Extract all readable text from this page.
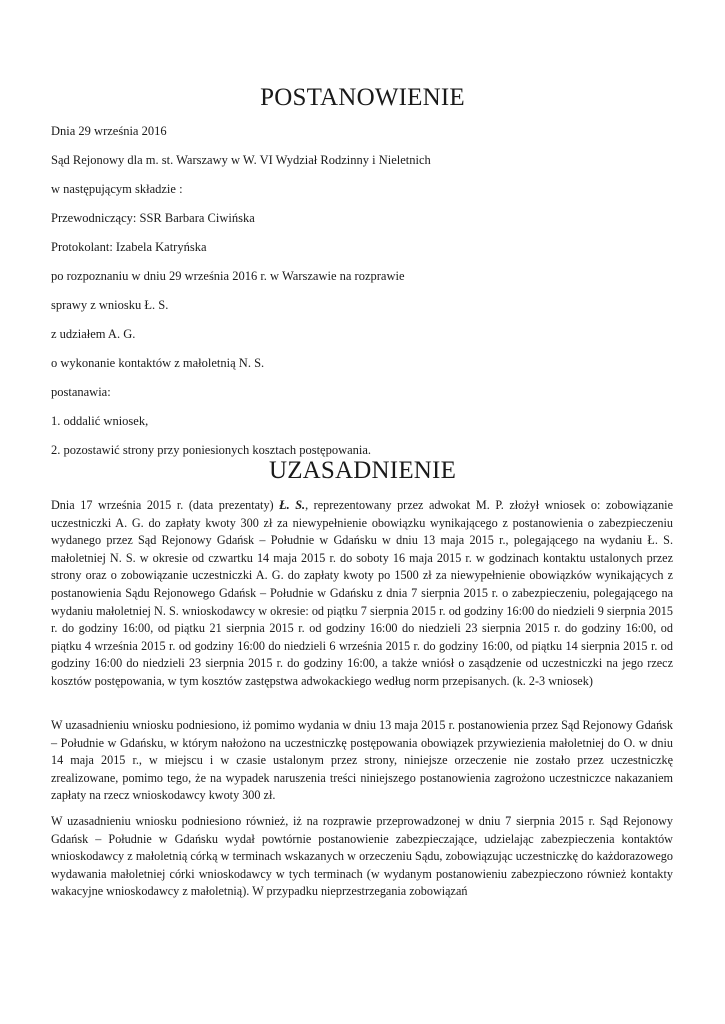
POSTANOWIENIE

Dnia 29 września 2016

Sąd Rejonowy dla m. st. Warszawy w W. VI Wydział Rodzinny i Nieletnich

w następującym składzie :

Przewodniczący: SSR Barbara Ciwińska

Protokolant: Izabela Katryńska

po rozpoznaniu w dniu 29 września 2016 r. w Warszawie na rozprawie

sprawy z wniosku Ł. S.

z udziałem A. G.

o wykonanie kontaktów z małoletnią N. S.

postanawia:

1. oddalić wniosek,
2. pozostawić strony przy poniesionych kosztach postępowania.
UZASADNIENIE

Dnia 17 września 2015 r. (data prezentaty) Ł. S., reprezentowany przez adwokat M. P. złożył wniosek o: zobowiązanie uczestniczki A. G. do zapłaty kwoty 300 zł za niewypełnienie obowiązku wynikającego z postanowienia o zabezpieczeniu wydanego przez Sąd Rejonowy Gdańsk – Południe w Gdańsku w dniu 13 maja 2015 r., polegającego na wydaniu Ł. S. małoletniej N. S. w okresie od czwartku 14 maja 2015 r. do soboty 16 maja 2015 r. w godzinach kontaktu ustalonych przez strony oraz o zobowiązanie uczestniczki A. G. do zapłaty kwoty po 1500 zł za niewypełnienie obowiązków wynikających z postanowienia Sądu Rejonowego Gdańsk – Południe w Gdańsku z dnia 7 sierpnia 2015 r. o zabezpieczeniu, polegającego na wydaniu małoletniej N. S. wnioskodawcy w okresie: od piątku 7 sierpnia 2015 r. od godziny 16:00 do niedzieli 9 sierpnia 2015 r. do godziny 16:00, od piątku 21 sierpnia 2015 r. od godziny 16:00 do niedzieli 23 sierpnia 2015 r. do godziny 16:00, od piątku 4 września 2015 r. od godziny 16:00 do niedzieli 6 września 2015 r. do godziny 16:00, od piątku 14 sierpnia 2015 r. od godziny 16:00 do niedzieli 23 sierpnia 2015 r. do godziny 16:00, a także wniósł o zasądzenie od uczestniczki na jego rzecz kosztów postępowania, w tym kosztów zastępstwa adwokackiego według norm przepisanych. (k. 2-3 wniosek)

W uzasadnieniu wniosku podniesiono, iż pomimo wydania w dniu 13 maja 2015 r. postanowienia przez Sąd Rejonowy Gdańsk – Południe w Gdańsku, w którym nałożono na uczestniczkę postępowania obowiązek przywiezienia małoletniej do O. w dniu 14 maja 2015 r., w miejscu i w czasie ustalonym przez strony, niniejsze orzeczenie nie zostało przez uczestniczkę zrealizowane, pomimo tego, że na wypadek naruszenia treści niniejszego postanowienia zagrożono uczestniczce nakazaniem zapłaty na rzecz wnioskodawcy kwoty 300 zł.

W uzasadnieniu wniosku podniesiono również, iż na rozprawie przeprowadzonej w dniu 7 sierpnia 2015 r. Sąd Rejonowy Gdańsk – Południe w Gdańsku wydał powtórnie postanowienie zabezpieczające, udzielając zabezpieczenia kontaktów wnioskodawcy z małoletnią córką w terminach wskazanych w orzeczeniu Sądu, zobowiązując uczestniczkę do każdorazowego wydawania małoletniej córki wnioskodawcy w tych terminach (w wydanym postanowieniu zabezpieczono również kontakty wakacyjne wnioskodawcy z małoletnią). W przypadku nieprzestrzegania zobowiązań
